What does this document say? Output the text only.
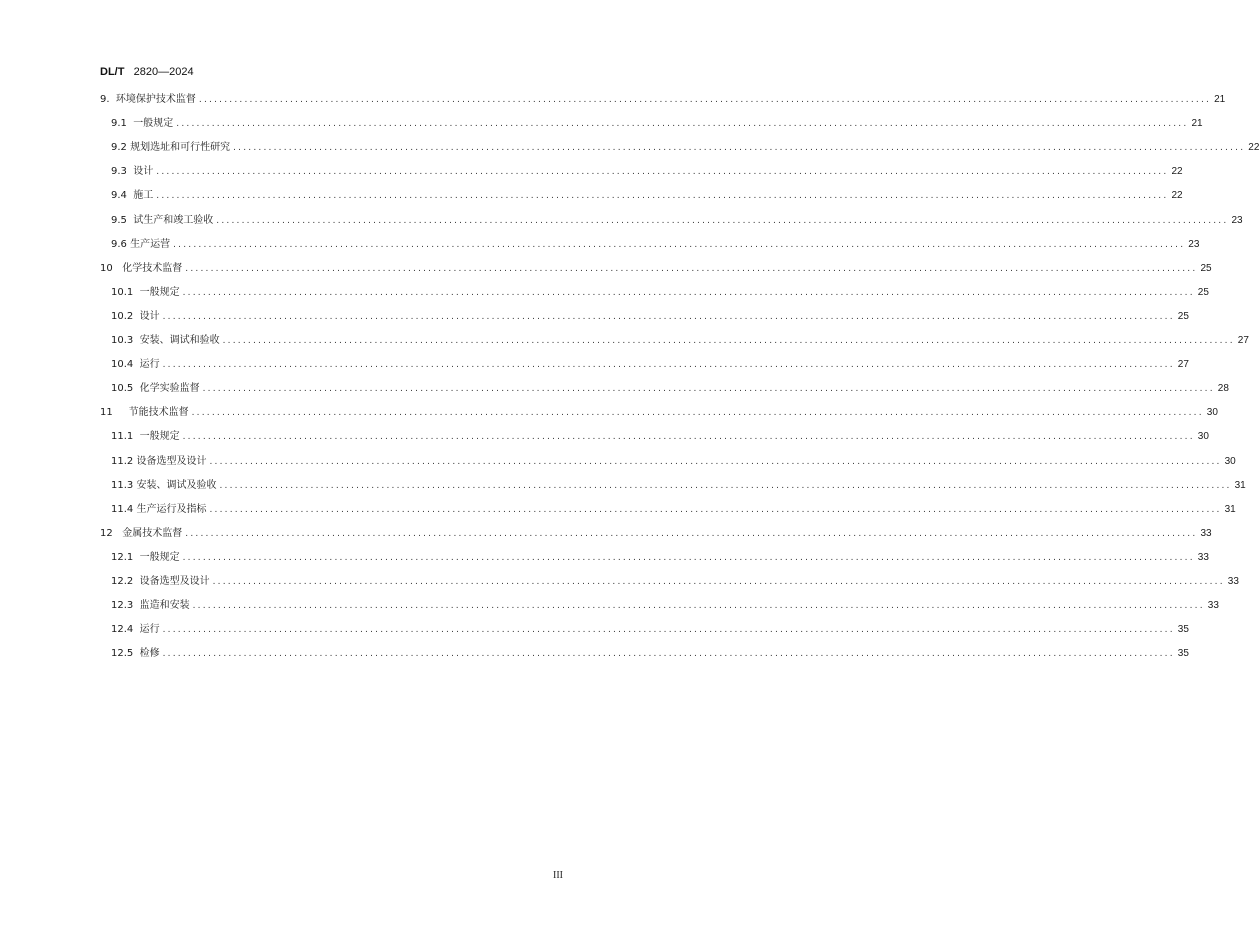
DL/T 2820—2024
9.  环境保护技术监督 ........................................................................................................................................................................................................ 21
9.1  一般规定 ........................................................................................................................................................................................................ 21
9.2 规划选址和可行性研究 ........................................................................................................................................................................................................ 22
9.3  设计 ........................................................................................................................................................................................................ 22
9.4  施工 ........................................................................................................................................................................................................ 22
9.5  试生产和竣工验收 ........................................................................................................................................................................................................ 23
9.6 生产运营 ........................................................................................................................................................................................................ 23
10   化学技术监督 ........................................................................................................................................................................................................ 25
10.1  一般规定 ........................................................................................................................................................................................................ 25
10.2  设计 ........................................................................................................................................................................................................ 25
10.3  安装、调试和验收 ........................................................................................................................................................................................................ 27
10.4  运行 ........................................................................................................................................................................................................ 27
10.5  化学实验监督 ........................................................................................................................................................................................................ 28
11     节能技术监督 ........................................................................................................................................................................................................ 30
11.1  一般规定 ........................................................................................................................................................................................................ 30
11.2 设备选型及设计 ........................................................................................................................................................................................................ 30
11.3 安装、调试及验收 ........................................................................................................................................................................................................ 31
11.4 生产运行及指标 ........................................................................................................................................................................................................ 31
12   金属技术监督 ........................................................................................................................................................................................................ 33
12.1  一般规定 ........................................................................................................................................................................................................ 33
12.2  设备选型及设计 ........................................................................................................................................................................................................ 33
12.3  监造和安装 ........................................................................................................................................................................................................ 33
12.4  运行 ........................................................................................................................................................................................................ 35
12.5  检修 ........................................................................................................................................................................................................ 35
III
